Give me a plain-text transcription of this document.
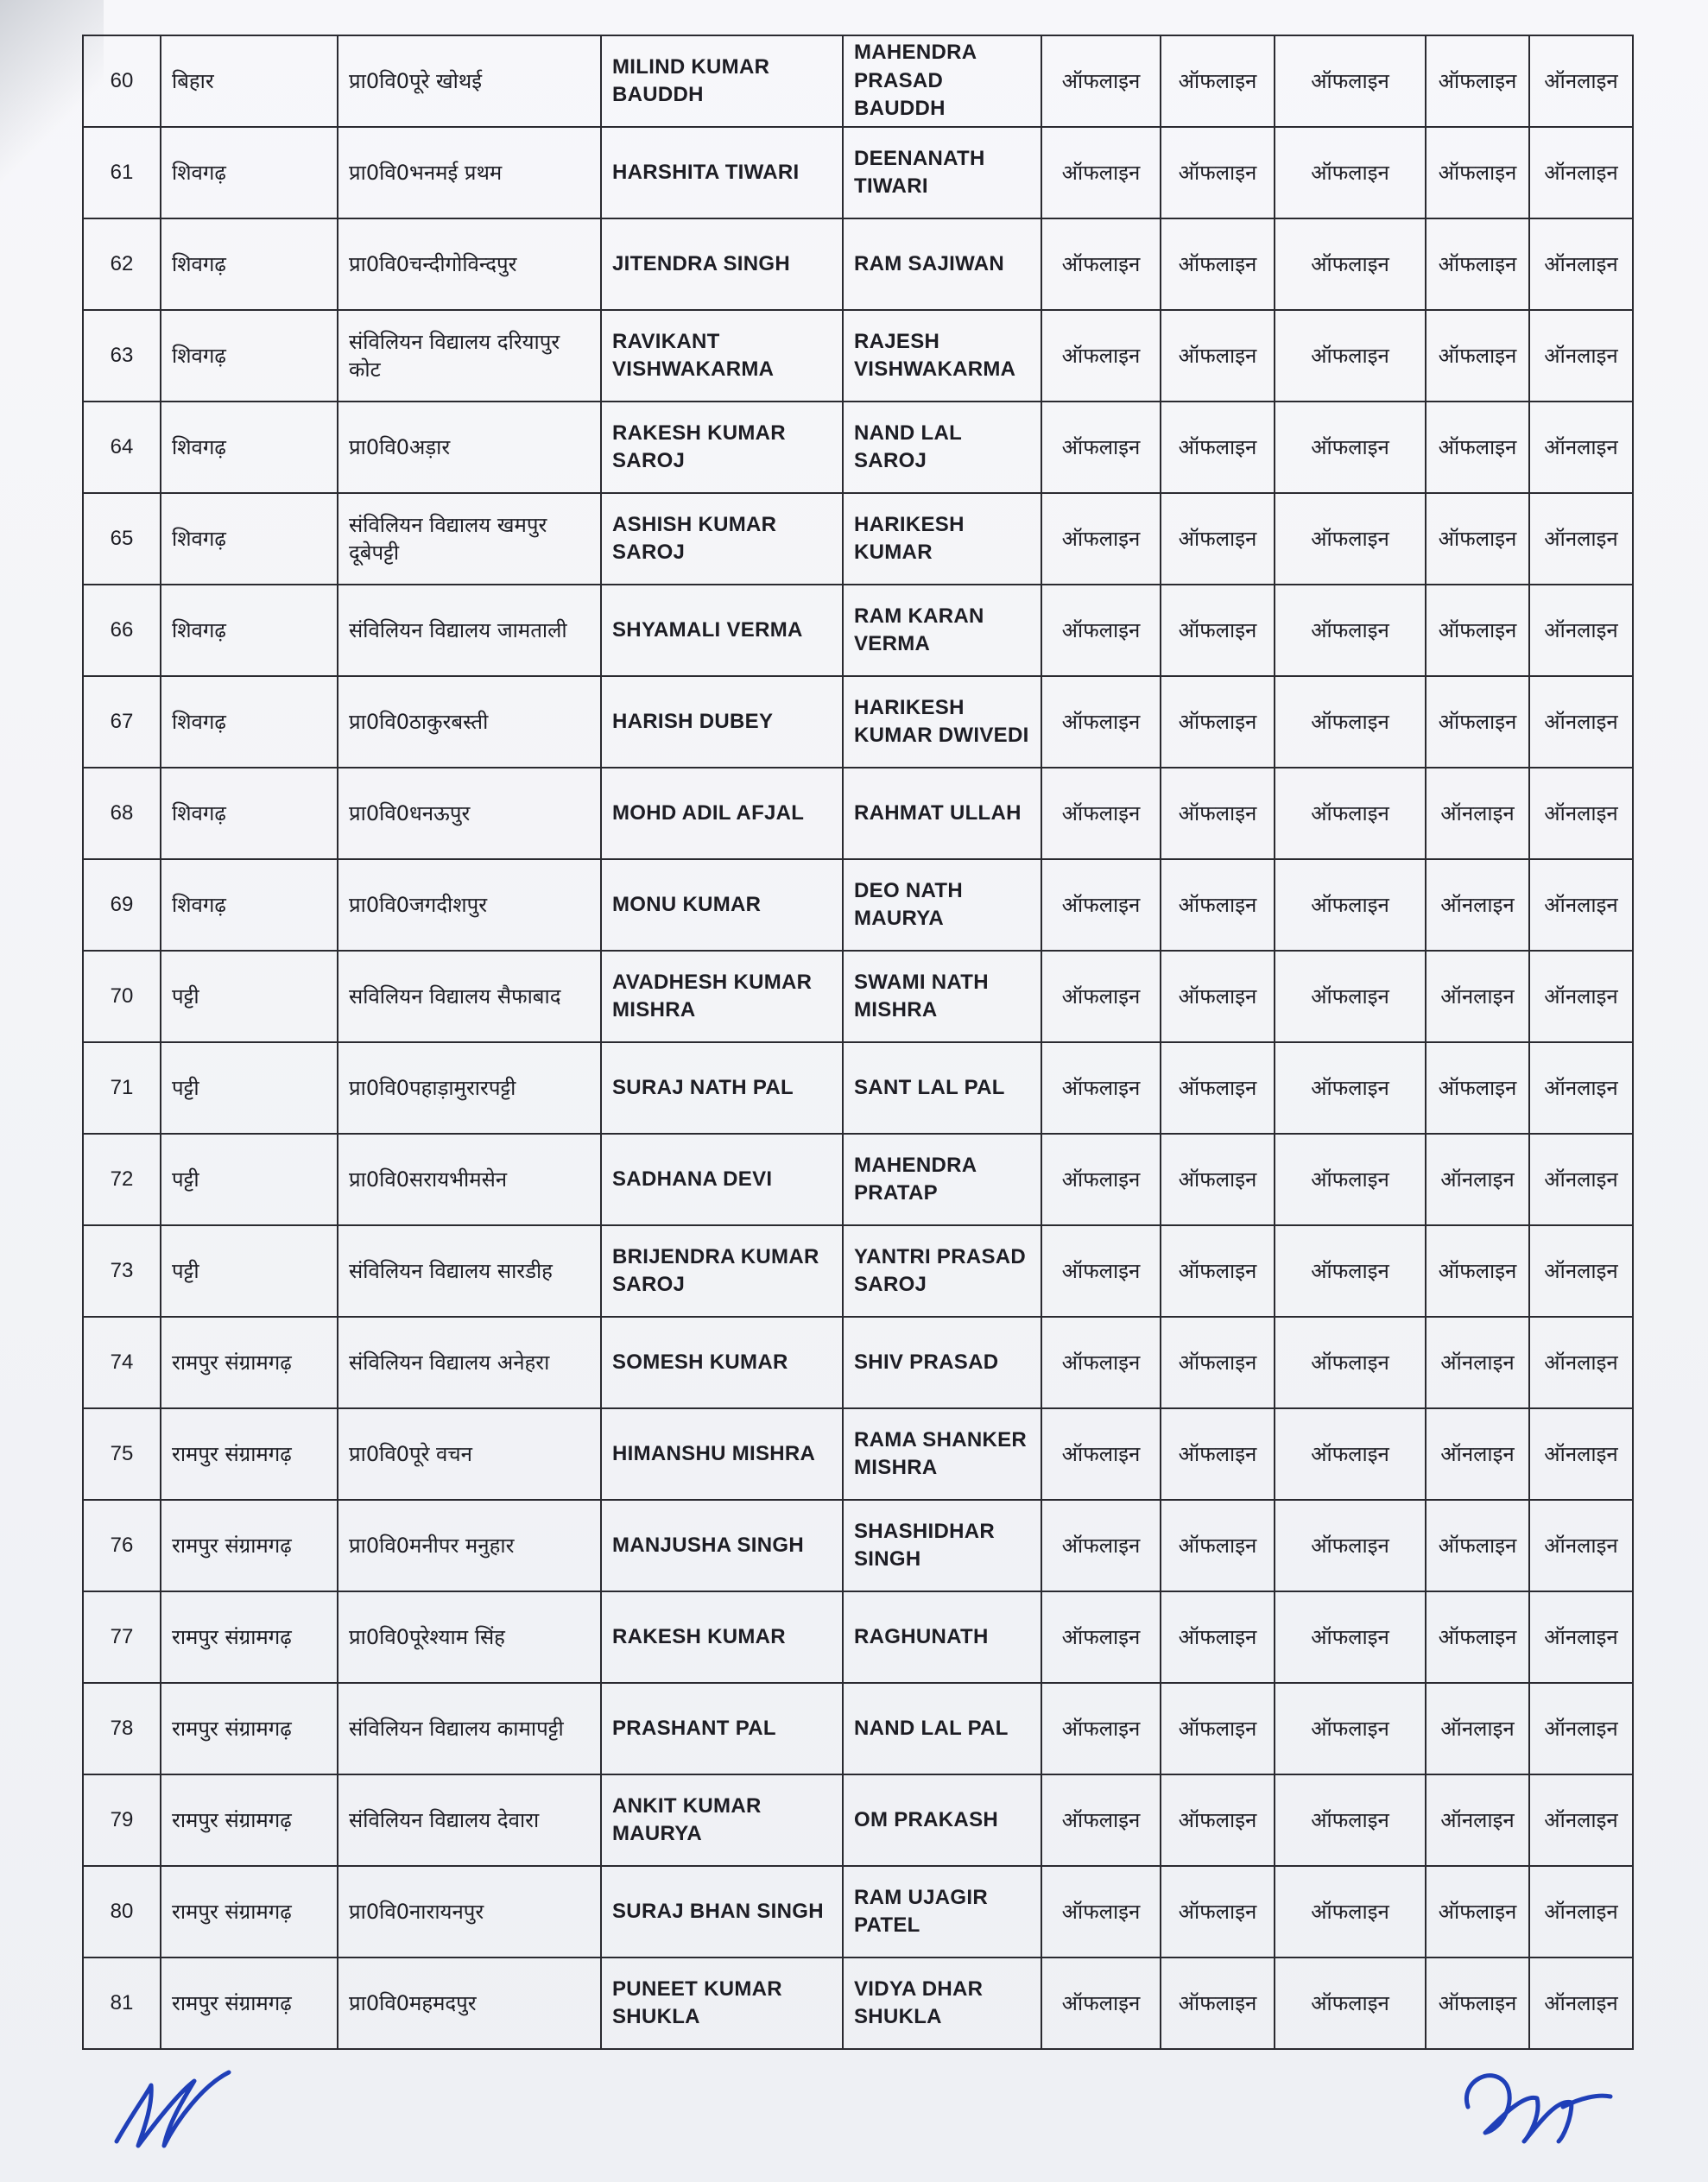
60	बिहार	प्रा0वि0पूरे खोथई	MILIND KUMAR BAUDDH	MAHENDRA PRASAD BAUDDH	ऑफलाइन	ऑफलाइन	ऑफलाइन	ऑफलाइन	ऑनलाइन
61	शिवगढ़	प्रा0वि0भनमई प्रथम	HARSHITA TIWARI	DEENANATH TIWARI	ऑफलाइन	ऑफलाइन	ऑफलाइन	ऑफलाइन	ऑनलाइन
62	शिवगढ़	प्रा0वि0चन्दीगोविन्दपुर	JITENDRA SINGH	RAM SAJIWAN	ऑफलाइन	ऑफलाइन	ऑफलाइन	ऑफलाइन	ऑनलाइन
63	शिवगढ़	संविलियन विद्यालय दरियापुर कोट	RAVIKANT VISHWAKARMA	RAJESH VISHWAKARMA	ऑफलाइन	ऑफलाइन	ऑफलाइन	ऑफलाइन	ऑनलाइन
64	शिवगढ़	प्रा0वि0अड़ार	RAKESH KUMAR SAROJ	NAND LAL SAROJ	ऑफलाइन	ऑफलाइन	ऑफलाइन	ऑफलाइन	ऑनलाइन
65	शिवगढ़	संविलियन विद्यालय खमपुर दूबेपट्टी	ASHISH KUMAR SAROJ	HARIKESH KUMAR	ऑफलाइन	ऑफलाइन	ऑफलाइन	ऑफलाइन	ऑनलाइन
66	शिवगढ़	संविलियन विद्यालय जामताली	SHYAMALI VERMA	RAM KARAN VERMA	ऑफलाइन	ऑफलाइन	ऑफलाइन	ऑफलाइन	ऑनलाइन
67	शिवगढ़	प्रा0वि0ठाकुरबस्ती	HARISH DUBEY	HARIKESH KUMAR DWIVEDI	ऑफलाइन	ऑफलाइन	ऑफलाइन	ऑफलाइन	ऑनलाइन
68	शिवगढ़	प्रा0वि0धनऊपुर	MOHD ADIL AFJAL	RAHMAT ULLAH	ऑफलाइन	ऑफलाइन	ऑफलाइन	ऑनलाइन	ऑनलाइन
69	शिवगढ़	प्रा0वि0जगदीशपुर	MONU KUMAR	DEO NATH MAURYA	ऑफलाइन	ऑफलाइन	ऑफलाइन	ऑनलाइन	ऑनलाइन
70	पट्टी	सविलियन विद्यालय सैफाबाद	AVADHESH KUMAR MISHRA	SWAMI NATH MISHRA	ऑफलाइन	ऑफलाइन	ऑफलाइन	ऑनलाइन	ऑनलाइन
71	पट्टी	प्रा0वि0पहाड़ामुरारपट्टी	SURAJ NATH PAL	SANT LAL PAL	ऑफलाइन	ऑफलाइन	ऑफलाइन	ऑफलाइन	ऑनलाइन
72	पट्टी	प्रा0वि0सरायभीमसेन	SADHANA DEVI	MAHENDRA PRATAP	ऑफलाइन	ऑफलाइन	ऑफलाइन	ऑनलाइन	ऑनलाइन
73	पट्टी	संविलियन विद्यालय सारडीह	BRIJENDRA KUMAR SAROJ	YANTRI PRASAD SAROJ	ऑफलाइन	ऑफलाइन	ऑफलाइन	ऑफलाइन	ऑनलाइन
74	रामपुर संग्रामगढ़	संविलियन विद्यालय अनेहरा	SOMESH KUMAR	SHIV PRASAD	ऑफलाइन	ऑफलाइन	ऑफलाइन	ऑनलाइन	ऑनलाइन
75	रामपुर संग्रामगढ़	प्रा0वि0पूरे वचन	HIMANSHU MISHRA	RAMA SHANKER MISHRA	ऑफलाइन	ऑफलाइन	ऑफलाइन	ऑनलाइन	ऑनलाइन
76	रामपुर संग्रामगढ़	प्रा0वि0मनीपर मनुहार	MANJUSHA SINGH	SHASHIDHAR SINGH	ऑफलाइन	ऑफलाइन	ऑफलाइन	ऑफलाइन	ऑनलाइन
77	रामपुर संग्रामगढ़	प्रा0वि0पूरेश्याम सिंह	RAKESH KUMAR	RAGHUNATH	ऑफलाइन	ऑफलाइन	ऑफलाइन	ऑफलाइन	ऑनलाइन
78	रामपुर संग्रामगढ़	संविलियन विद्यालय कामापट्टी	PRASHANT PAL	NAND LAL PAL	ऑफलाइन	ऑफलाइन	ऑफलाइन	ऑनलाइन	ऑनलाइन
79	रामपुर संग्रामगढ़	संविलियन विद्यालय देवारा	ANKIT KUMAR MAURYA	OM PRAKASH	ऑफलाइन	ऑफलाइन	ऑफलाइन	ऑनलाइन	ऑनलाइन
80	रामपुर संग्रामगढ़	प्रा0वि0नारायनपुर	SURAJ BHAN SINGH	RAM UJAGIR PATEL	ऑफलाइन	ऑफलाइन	ऑफलाइन	ऑफलाइन	ऑनलाइन
81	रामपुर संग्रामगढ़	प्रा0वि0महमदपुर	PUNEET KUMAR SHUKLA	VIDYA DHAR SHUKLA	ऑफलाइन	ऑफलाइन	ऑफलाइन	ऑफलाइन	ऑनलाइन
